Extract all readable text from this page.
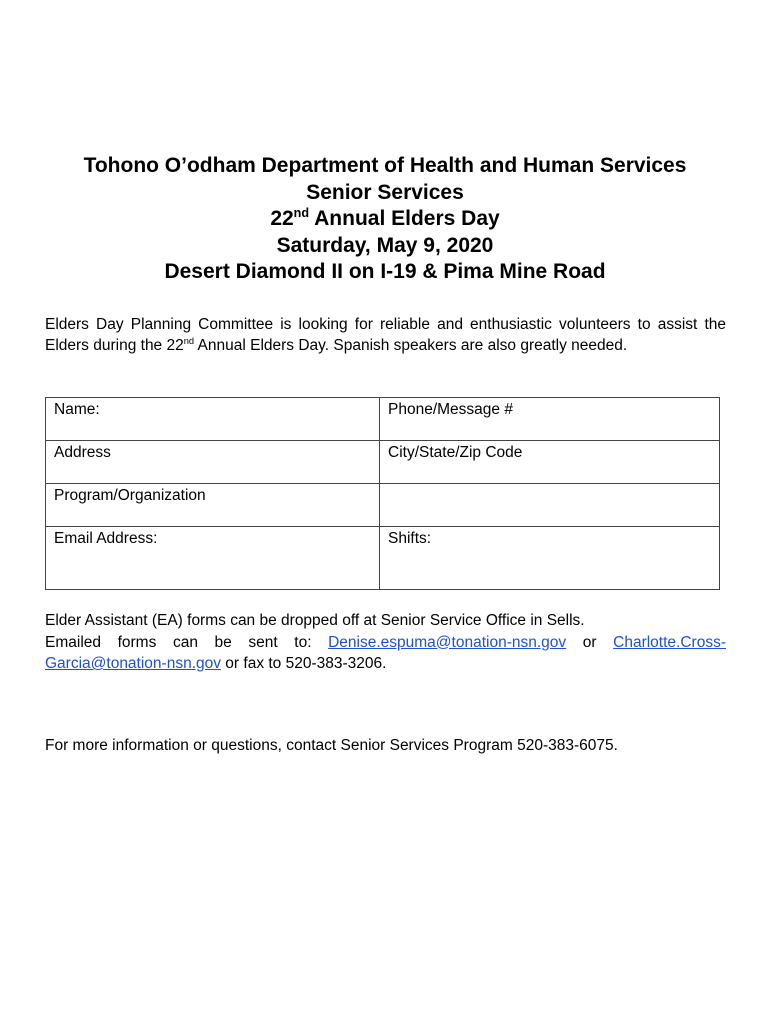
Tohono O’odham Department of Health and Human Services
Senior Services
22nd Annual Elders Day
Saturday, May 9, 2020
Desert Diamond II on I-19 & Pima Mine Road
Elders Day Planning Committee is looking for reliable and enthusiastic volunteers to assist the Elders during the 22nd Annual Elders Day. Spanish speakers are also greatly needed.
Name:	Phone/Message #
Address	City/State/Zip Code
Program/Organization	
Email Address:	Shifts:
Elder Assistant (EA) forms can be dropped off at Senior Service Office in Sells.
Emailed forms can be sent to: Denise.espuma@tonation-nsn.gov or Charlotte.Cross-Garcia@tonation-nsn.gov or fax to 520-383-3206.
For more information or questions, contact Senior Services Program 520-383-6075.
